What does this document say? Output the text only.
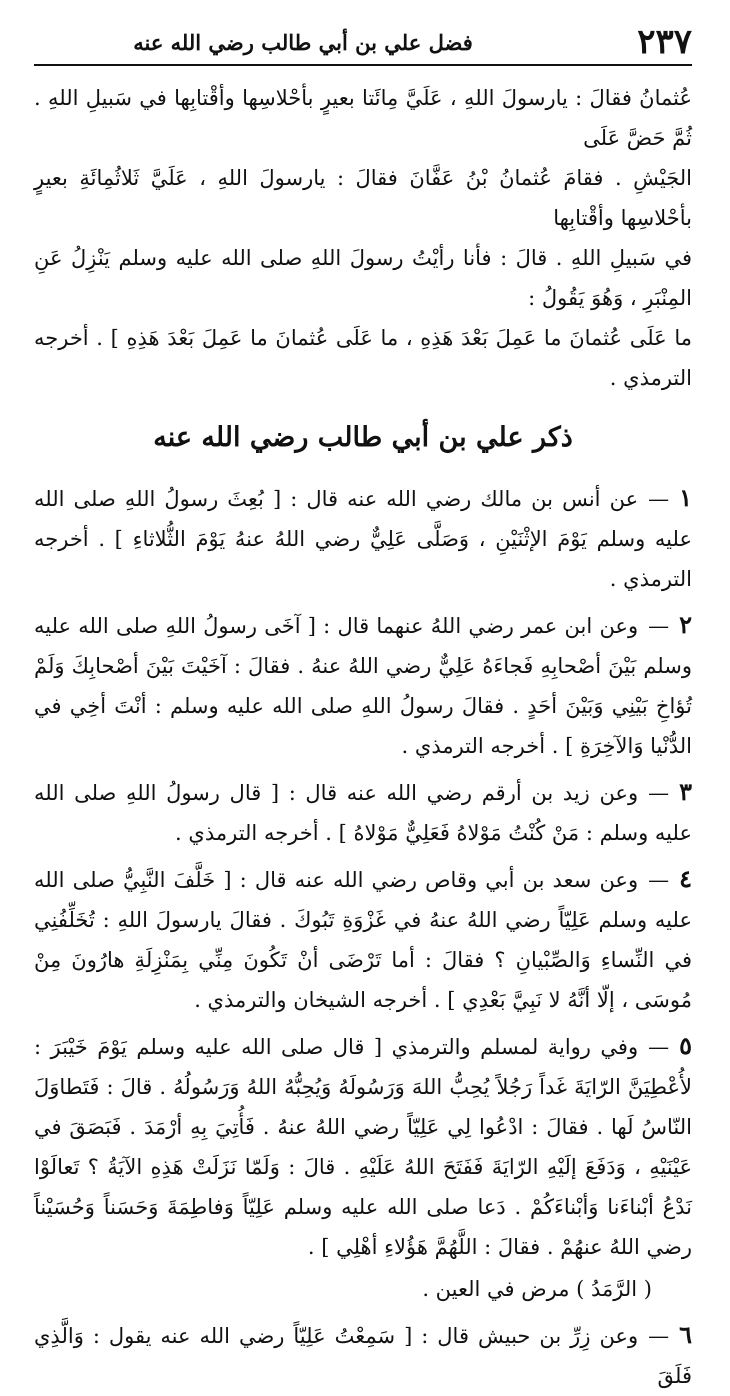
٢٣٧
فضل علي بن أبي طالب رضي الله عنه

عُثمانُ فقالَ : يارسولَ اللهِ ، عَلَيَّ مِائَتا بعيرٍ بأحْلاسِها وأقْتابِها في سَبيلِ اللهِ . ثُمَّ حَضَّ عَلَى

الجَيْشِ . فقامَ عُثمانُ بْنُ عَفَّانَ فقالَ : يارسولَ اللهِ ، عَلَيَّ ثَلاثُمِائَةِ بعيرٍ بأحْلاسِها وأقْتابِها

في سَبيلِ اللهِ . قالَ : فأنا رأيْتُ رسولَ اللهِ صلى الله عليه وسلم يَنْزِلُ عَنِ المِنْبَرِ ، وَهُوَ يَقُولُ :

ما عَلَى عُثمانَ ما عَمِلَ بَعْدَ هَذِهِ ، ما عَلَى عُثمانَ ما عَمِلَ بَعْدَ هَذِهِ ] . أخرجه الترمذي .

ذكر علي بن أبي طالب رضي الله عنه

١—عن أنس بن مالك رضي الله عنه قال : [ بُعِثَ رسولُ اللهِ صلى الله عليه وسلم يَوْمَ الإثْنَيْنِ ، وَصَلَّى عَلِيٌّ رضي اللهُ عنهُ يَوْمَ الثُّلاثاءِ ] . أخرجه الترمذي .

٢—وعن ابن عمر رضي اللهُ عنهما قال : [ آخَى رسولُ اللهِ صلى الله عليه وسلم بَيْنَ أصْحابِهِ فَجاءَهُ عَلِيٌّ رضي اللهُ عنهُ . فقالَ : آخَيْتَ بَيْنَ أصْحابِكَ وَلَمْ تُؤاخِ بَيْنِي وَبَيْنَ أحَدٍ . فقالَ رسولُ اللهِ صلى الله عليه وسلم : أنْتَ أخِي في الدُّنْيا وَالآخِرَةِ ] . أخرجه الترمذي .

٣—وعن زيد بن أرقم رضي الله عنه قال : [ قال رسولُ اللهِ صلى الله عليه وسلم : مَنْ كُنْتُ مَوْلاهُ فَعَلِيٌّ مَوْلاهُ ] . أخرجه الترمذي .

٤—وعن سعد بن أبي وقاص رضي الله عنه قال : [ خَلَّفَ النَّبِيُّ صلى الله عليه وسلم عَلِيّاً رضي اللهُ عنهُ في غَزْوَةِ تَبُوكَ . فقالَ يارسولَ اللهِ : تُخَلِّفُنِي في النِّساءِ وَالصِّبْيانِ ؟ فقالَ : أما تَرْضَى أنْ تَكُونَ مِنِّي بِمَنْزِلَةِ هارُونَ مِنْ مُوسَى ، إلّا أنَّهُ لا نَبِيَّ بَعْدِي ] . أخرجه الشيخان والترمذي .

٥—وفي رواية لمسلم والترمذي [ قال صلى الله عليه وسلم يَوْمَ خَيْبَرَ : لأُعْطِيَنَّ الرّايَةَ غَداً رَجُلاً يُحِبُّ اللهَ وَرَسُولَهُ وَيُحِبُّهُ اللهُ وَرَسُولُهُ . قالَ : فَتَطاوَلَ النّاسُ لَها . فقالَ : ادْعُوا لِي عَلِيّاً رضي اللهُ عنهُ . فَأُتِيَ بِهِ أرْمَدَ . فَبَصَقَ في عَيْنَيْهِ ، وَدَفَعَ إلَيْهِ الرّايَةَ فَفَتَحَ اللهُ عَلَيْهِ . قالَ : وَلَمّا نَزَلَتْ هَذِهِ الآيَةُ ؟ تَعالَوْا نَدْعُ أبْناءَنا وَأبْناءَكُمْ . دَعا صلى الله عليه وسلم عَلِيّاً وَفاطِمَةَ وَحَسَناً وَحُسَيْناً رضي اللهُ عنهُمْ . فقالَ : اللَّهُمَّ هَؤُلاءِ أهْلِي ] .

( الرَّمَدُ ) مرض في العين .

٦—وعن زِرِّ بن حبيش قال : [ سَمِعْتُ عَلِيّاً رضي الله عنه يقول : وَالَّذِي فَلَقَ
